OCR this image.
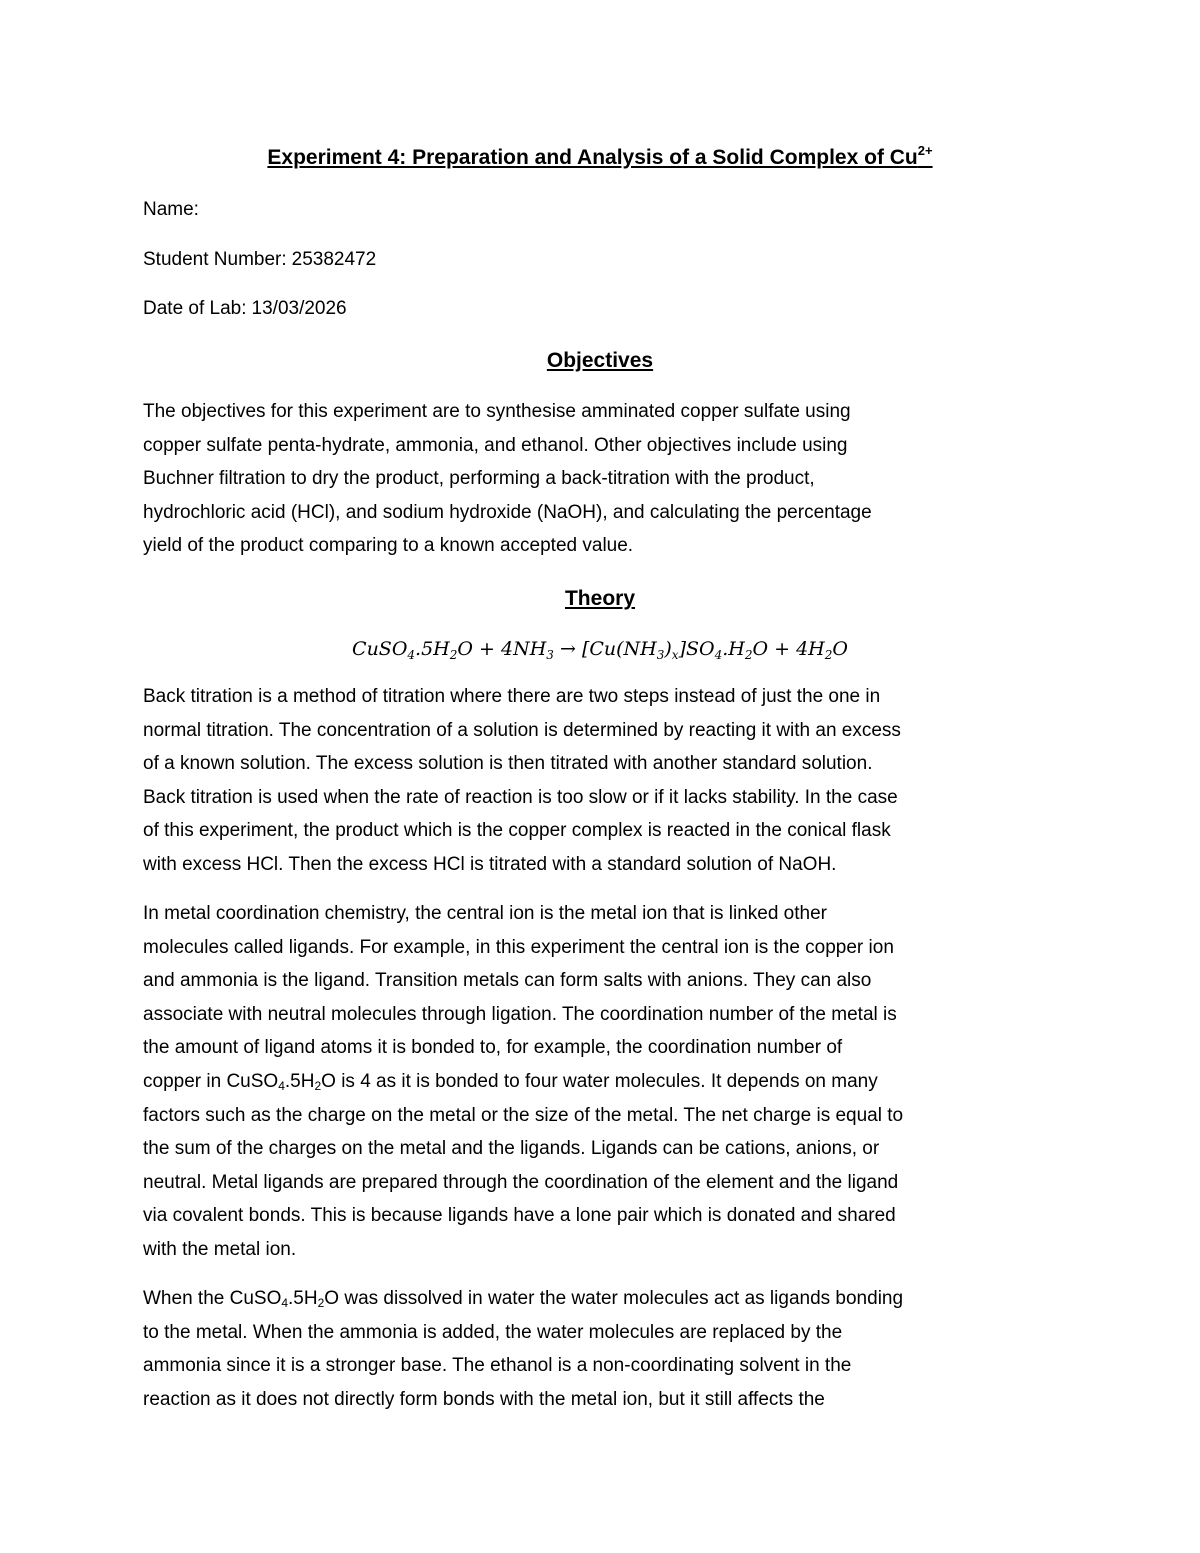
Experiment 4: Preparation and Analysis of a Solid Complex of $Cu^{2+}$
Name:
Student Number: 25382472
Date of Lab: 13/03/2026
Objectives
The objectives for this experiment are to synthesise amminated copper sulfate using
copper sulfate penta-hydrate, ammonia, and ethanol. Other objectives include using
Buchner filtration to dry the product, performing a back-titration with the product,
hydrochloric acid (HCl), and sodium hydroxide (NaOH), and calculating the percentage
yield of the product comparing to a known accepted value.
Theory
$CuSO_4.5H_2O + 4NH_3 \to [Cu(NH_3)_x]SO_4.H_2O + 4H_2O$
Back titration is a method of titration where there are two steps instead of just the one in
normal titration. The concentration of a solution is determined by reacting it with an excess
of a known solution. The excess solution is then titrated with another standard solution.
Back titration is used when the rate of reaction is too slow or if it lacks stability. In the case
of this experiment, the product which is the copper complex is reacted in the conical flask
with excess HCl. Then the excess HCl is titrated with a standard solution of NaOH.
In metal coordination chemistry, the central ion is the metal ion that is linked other
molecules called ligands. For example, in this experiment the central ion is the copper ion
and ammonia is the ligand. Transition metals can form salts with anions. They can also
associate with neutral molecules through ligation. The coordination number of the metal is
the amount of ligand atoms it is bonded to, for example, the coordination number of
copper in $CuSO_4.5H_2O$ is 4 as it is bonded to four water molecules. It depends on many
factors such as the charge on the metal or the size of the metal. The net charge is equal to
the sum of the charges on the metal and the ligands. Ligands can be cations, anions, or
neutral. Metal ligands are prepared through the coordination of the element and the ligand
via covalent bonds. This is because ligands have a lone pair which is donated and shared
with the metal ion.
When the $CuSO_4.5H_2O$ was dissolved in water the water molecules act as ligands bonding
to the metal. When the ammonia is added, the water molecules are replaced by the
ammonia since it is a stronger base. The ethanol is a non-coordinating solvent in the
reaction as it does not directly form bonds with the metal ion, but it still affects the
